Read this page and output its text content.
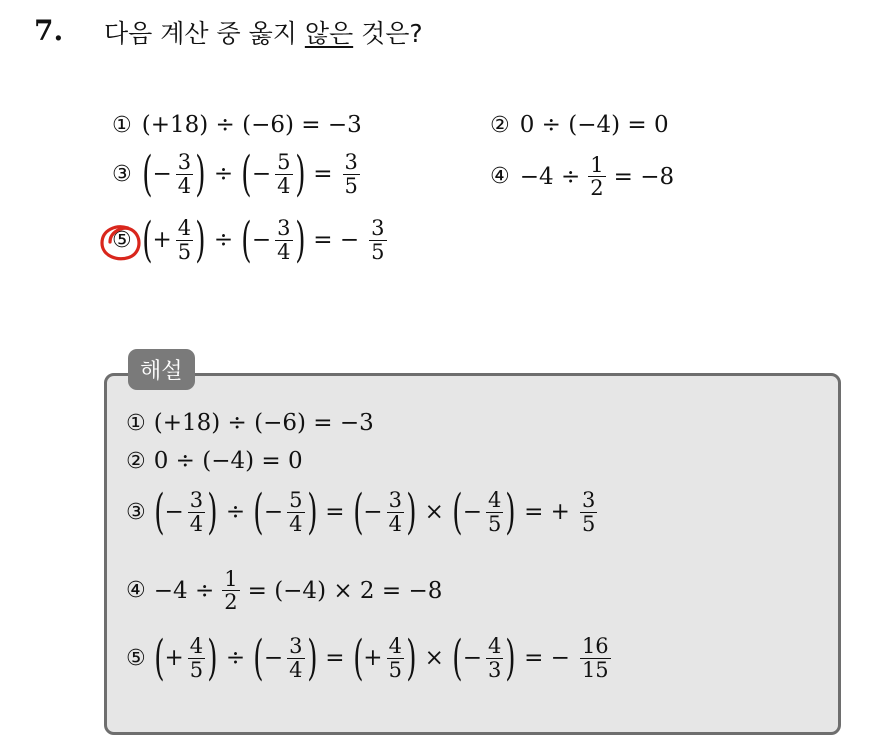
7. 다음 계산 중 옳지 않은 것은?
① (+18) ÷ (−6) = −3	② 0 ÷ (−4) = 0
③ ( − $\frac{3}{4}$ ) ÷ ( − $\frac{5}{4}$ ) = $\frac{3}{5}$	④ $-4 \div \frac{1}{2} = -8$
⑤ ( + $\frac{4}{5}$ ) ÷ ( − $\frac{3}{4}$ ) = − $\frac{3}{5}$
해설
① (+18) ÷ (−6) = −3
② 0 ÷ (−4) = 0
③ ( − $\frac{3}{4}$ ) ÷ ( − $\frac{5}{4}$ ) = ( − $\frac{3}{4}$ ) × ( − $\frac{4}{5}$ ) = + $\frac{3}{5}$
④ $-4 \div \frac{1}{2} = (-4) \times 2 = -8$
⑤ ( + $\frac{4}{5}$ ) ÷ ( − $\frac{3}{4}$ ) = ( + $\frac{4}{5}$ ) × ( − $\frac{4}{3}$ ) = − $\frac{16}{15}$
